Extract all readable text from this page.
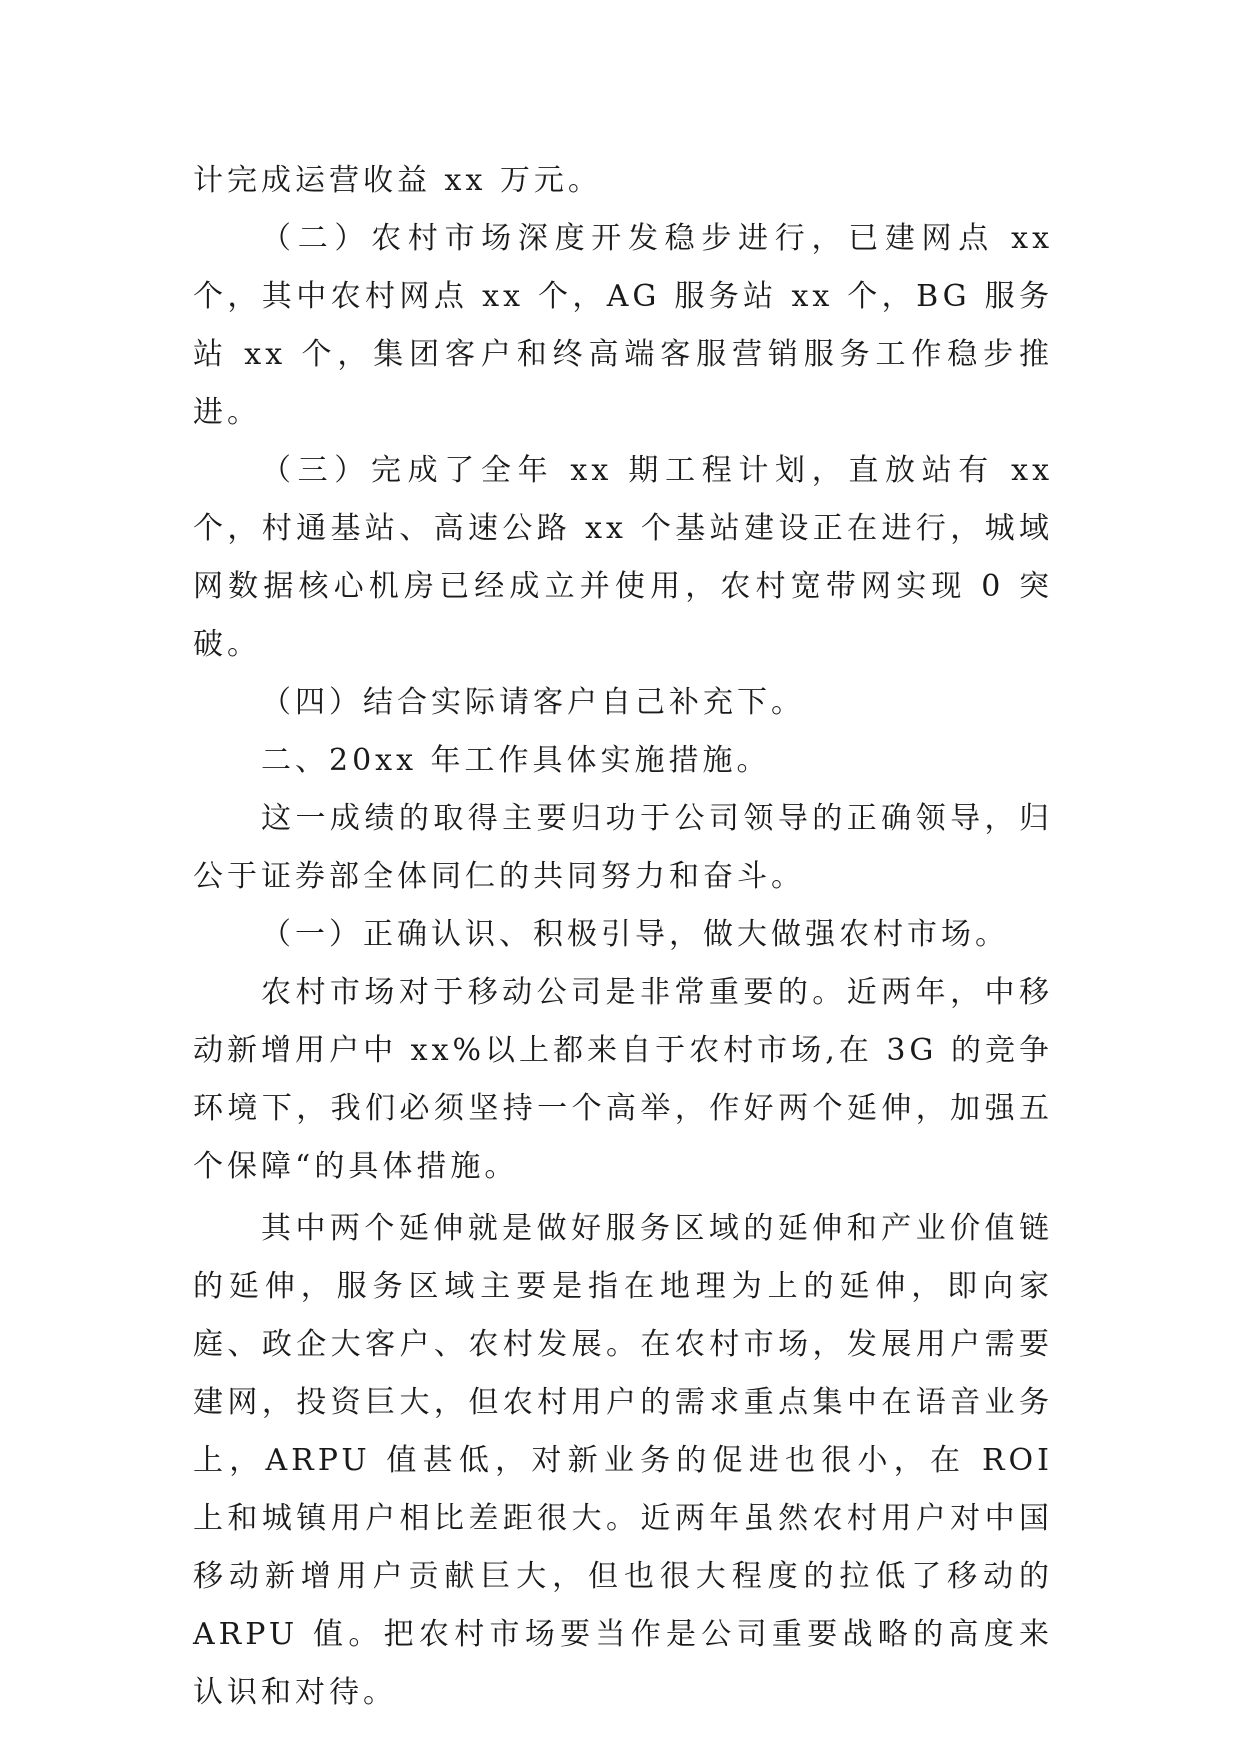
计完成运营收益 xx 万元。

（二）农村市场深度开发稳步进行，已建网点 xx 个，其中农村网点 xx 个，AG 服务站 xx 个，BG 服务站 xx 个，集团客户和终高端客服营销服务工作稳步推进。

（三）完成了全年 xx 期工程计划，直放站有 xx 个，村通基站、高速公路 xx 个基站建设正在进行，城域网数据核心机房已经成立并使用，农村宽带网实现 0 突破。

（四）结合实际请客户自己补充下。

二、20xx 年工作具体实施措施。

这一成绩的取得主要归功于公司领导的正确领导，归公于证券部全体同仁的共同努力和奋斗。

（一）正确认识、积极引导，做大做强农村市场。

农村市场对于移动公司是非常重要的。近两年，中移动新增用户中 xx%以上都来自于农村市场,在 3G 的竞争环境下，我们必须坚持一个高举，作好两个延伸，加强五个保障“的具体措施。

其中两个延伸就是做好服务区域的延伸和产业价值链的延伸，服务区域主要是指在地理为上的延伸，即向家庭、政企大客户、农村发展。在农村市场，发展用户需要建网，投资巨大，但农村用户的需求重点集中在语音业务上，ARPU 值甚低，对新业务的促进也很小，在 ROI 上和城镇用户相比差距很大。近两年虽然农村用户对中国移动新增用户贡献巨大，但也很大程度的拉低了移动的 ARPU 值。把农村市场要当作是公司重要战略的高度来认识和对待。
